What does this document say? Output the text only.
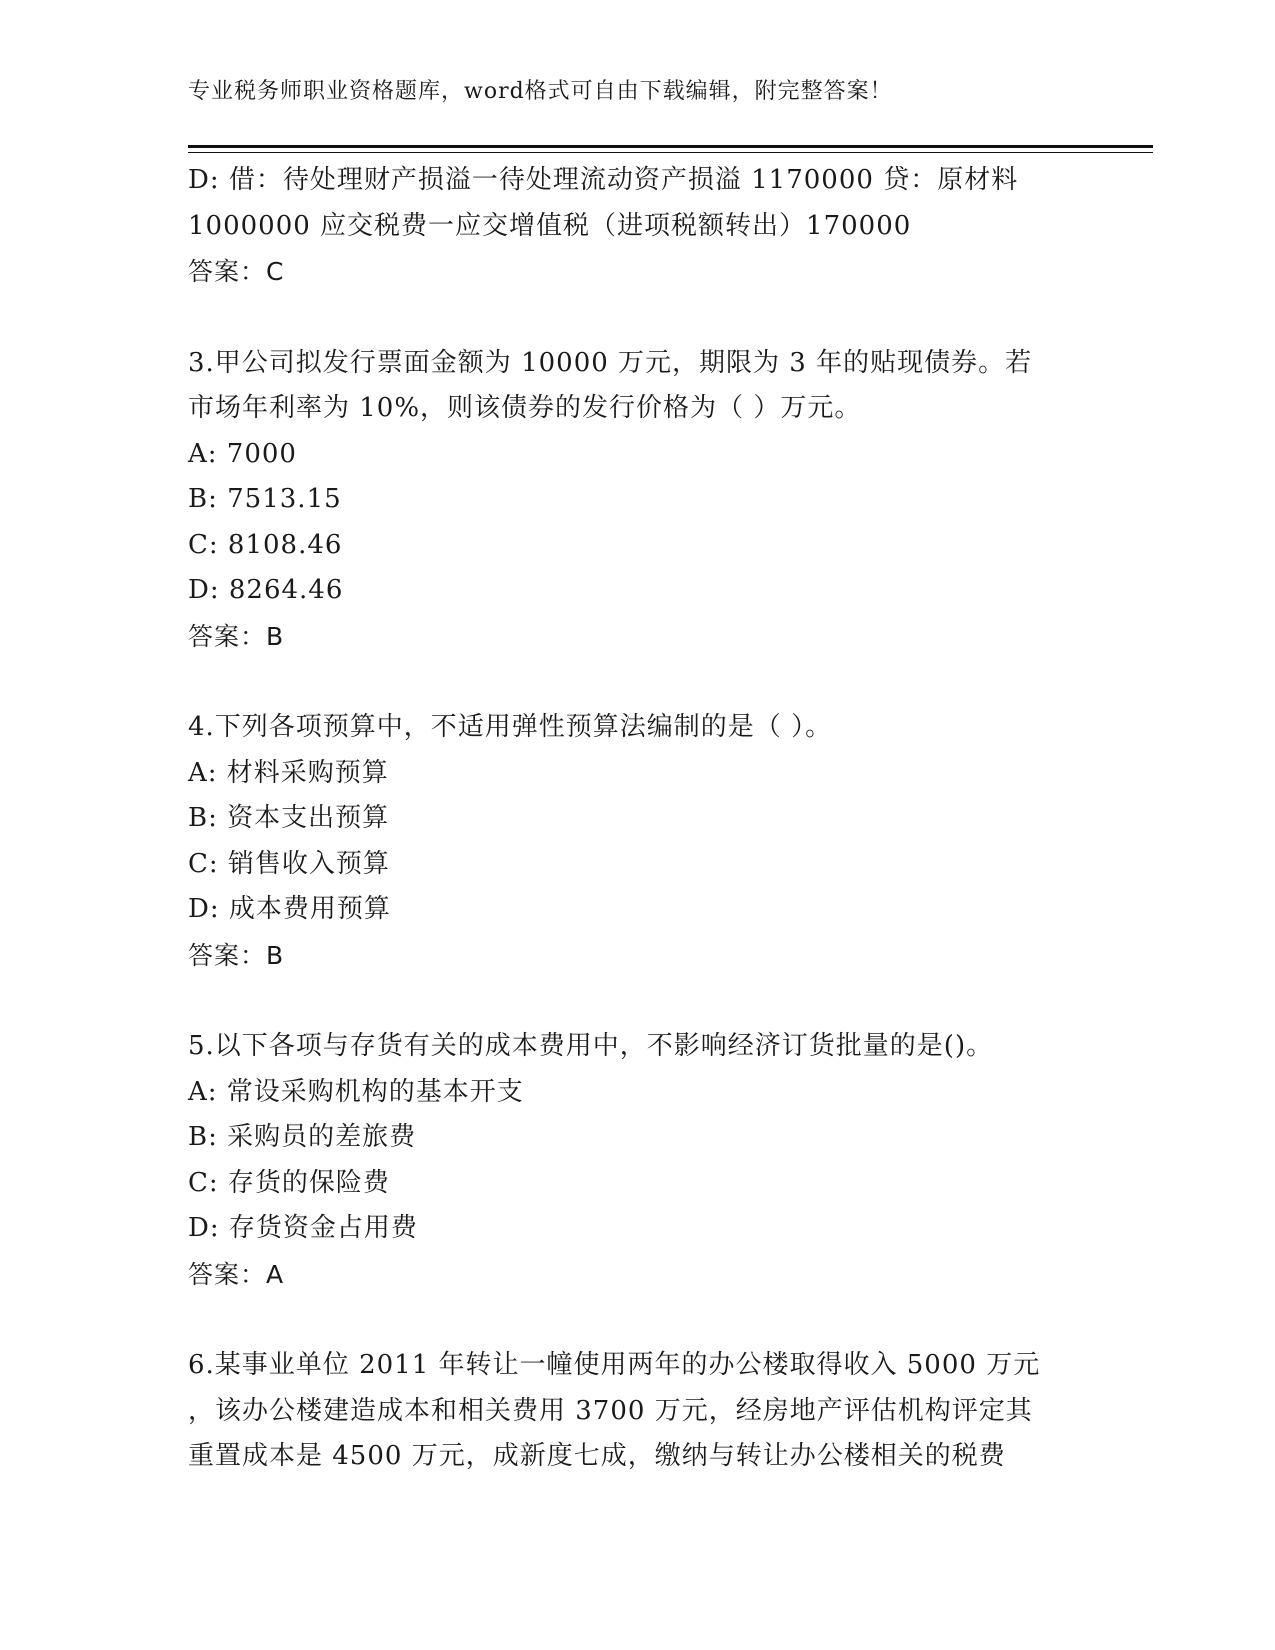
专业税务师职业资格题库，word格式可自由下载编辑，附完整答案！
D: 借：待处理财产损溢一待处理流动资产损溢 1170000 贷：原材料
1000000 应交税费一应交增值税（进项税额转出）170000
答案：C
3.甲公司拟发行票面金额为 10000 万元，期限为 3 年的贴现债券。若
市场年利率为 10%，则该债券的发行价格为（ ）万元。
A: 7000
B: 7513.15
C: 8108.46
D: 8264.46
答案：B
4.下列各项预算中，不适用弹性预算法编制的是（ ）。
A: 材料采购预算
B: 资本支出预算
C: 销售收入预算
D: 成本费用预算
答案：B
5.以下各项与存货有关的成本费用中，不影响经济订货批量的是()。
A: 常设采购机构的基本开支
B: 采购员的差旅费
C: 存货的保险费
D: 存货资金占用费
答案：A
6.某事业单位 2011 年转让一幢使用两年的办公楼取得收入 5000 万元
，该办公楼建造成本和相关费用 3700 万元，经房地产评估机构评定其
重置成本是 4500 万元，成新度七成，缴纳与转让办公楼相关的税费
